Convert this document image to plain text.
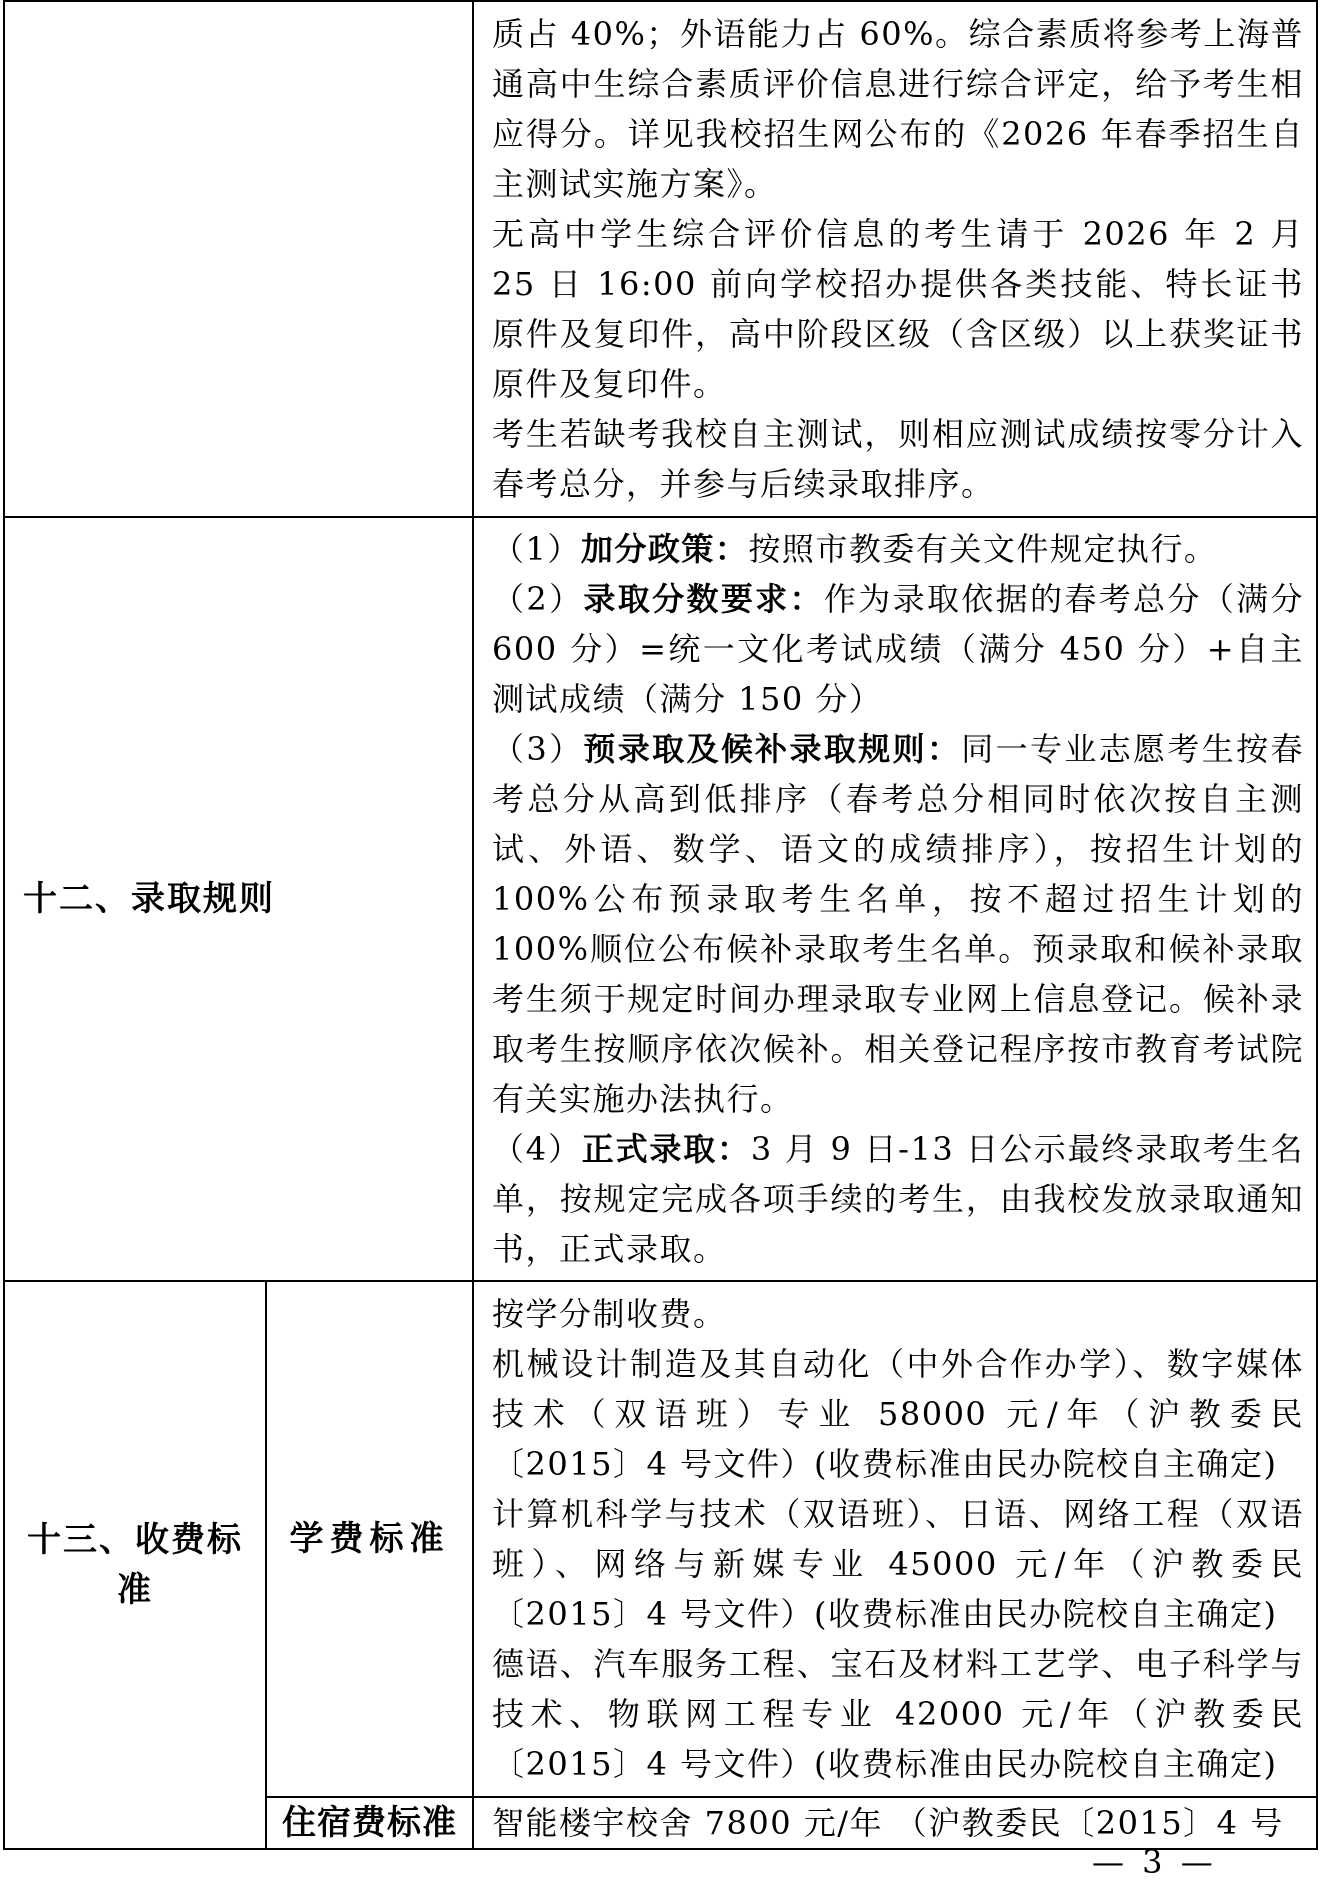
		质占 40%；外语能力占 60%。综合素质将参考上海普通高中生综合素质评价信息进行综合评定，给予考生相应得分。详见我校招生网公布的《2026 年春季招生自主测试实施方案》。

无高中学生综合评价信息的考生请于 2026 年 2 月 25 日 16:00 前向学校招办提供各类技能、特长证书原件及复印件，高中阶段区级（含区级）以上获奖证书原件及复印件。

考生若缺考我校自主测试，则相应测试成绩按零分计入春考总分，并参与后续录取排序。

十二、录取规则		（1）加分政策：按照市教委有关文件规定执行。

（2）录取分数要求：作为录取依据的春考总分（满分 600 分）=统一文化考试成绩（满分 450 分）+自主测试成绩（满分 150 分）

（3）预录取及候补录取规则：同一专业志愿考生按春考总分从高到低排序（春考总分相同时依次按自主测试、外语、数学、语文的成绩排序），按招生计划的 100%公布预录取考生名单，按不超过招生计划的 100%顺位公布候补录取考生名单。预录取和候补录取考生须于规定时间办理录取专业网上信息登记。候补录取考生按顺序依次候补。相关登记程序按市教育考试院有关实施办法执行。

（4）正式录取：3 月 9 日-13 日公示最终录取考生名单，按规定完成各项手续的考生，由我校发放录取通知书，正式录取。

十三、收费标准	学费标准	按学分制收费。

机械设计制造及其自动化（中外合作办学）、数字媒体技术（双语班）专业 58000 元/年（沪教委民〔2015〕4 号文件）(收费标准由民办院校自主确定)

计算机科学与技术（双语班）、日语、网络工程（双语班）、网络与新媒专业 45000 元/年（沪教委民〔2015〕4 号文件）(收费标准由民办院校自主确定)

德语、汽车服务工程、宝石及材料工艺学、电子科学与技术、物联网工程专业 42000 元/年（沪教委民〔2015〕4 号文件）(收费标准由民办院校自主确定)

	住宿费标准	智能楼宇校舍 7800 元/年 （沪教委民〔2015〕4 号
— 3 —
